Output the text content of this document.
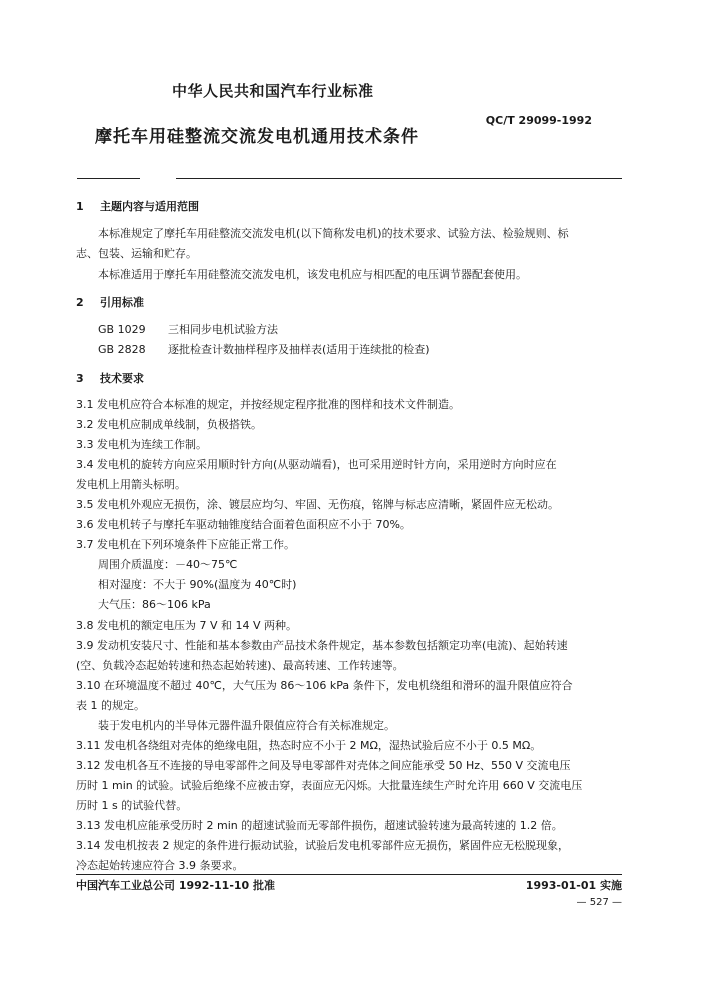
中华人民共和国汽车行业标准
QC/T 29099-1992
摩托车用硅整流交流发电机通用技术条件
1 主题内容与适用范围
本标准规定了摩托车用硅整流交流发电机(以下简称发电机)的技术要求、试验方法、检验规则、标
志、包装、运输和贮存。
本标准适用于摩托车用硅整流交流发电机，该发电机应与相匹配的电压调节器配套使用。
2 引用标准
GB 1029 三相同步电机试验方法
GB 2828 逐批检查计数抽样程序及抽样表(适用于连续批的检查)
3 技术要求
3.1 发电机应符合本标准的规定，并按经规定程序批准的图样和技术文件制造。
3.2 发电机应制成单线制，负极搭铁。
3.3 发电机为连续工作制。
3.4 发电机的旋转方向应采用顺时针方向(从驱动端看)，也可采用逆时针方向，采用逆时方向时应在
发电机上用箭头标明。
3.5 发电机外观应无损伤，涂、镀层应均匀、牢固、无伤痕，铭牌与标志应清晰，紧固件应无松动。
3.6 发电机转子与摩托车驱动轴锥度结合面着色面积应不小于 70%。
3.7 发电机在下列环境条件下应能正常工作。
周围介质温度：－40～75℃
相对湿度：不大于 90%(温度为 40℃时)
大气压：86～106 kPa
3.8 发电机的额定电压为 7 V 和 14 V 两种。
3.9 发动机安装尺寸、性能和基本参数由产品技术条件规定，基本参数包括额定功率(电流)、起始转速
(空、负载冷态起始转速和热态起始转速)、最高转速、工作转速等。
3.10 在环境温度不超过 40℃，大气压为 86～106 kPa 条件下，发电机绕组和滑环的温升限值应符合
表 1 的规定。
装于发电机内的半导体元器件温升限值应符合有关标准规定。
3.11 发电机各绕组对壳体的绝缘电阻，热态时应不小于 2 MΩ，湿热试验后应不小于 0.5 MΩ。
3.12 发电机各互不连接的导电零部件之间及导电零部件对壳体之间应能承受 50 Hz、550 V 交流电压
历时 1 min 的试验。试验后绝缘不应被击穿，表面应无闪烁。大批量连续生产时允许用 660 V 交流电压
历时 1 s 的试验代替。
3.13 发电机应能承受历时 2 min 的超速试验而无零部件损伤，超速试验转速为最高转速的 1.2 倍。
3.14 发电机按表 2 规定的条件进行振动试验，试验后发电机零部件应无损伤，紧固件应无松脱现象，
冷态起始转速应符合 3.9 条要求。
中国汽车工业总公司 1992-11-10 批准	1993-01-01 实施
— 527 —
